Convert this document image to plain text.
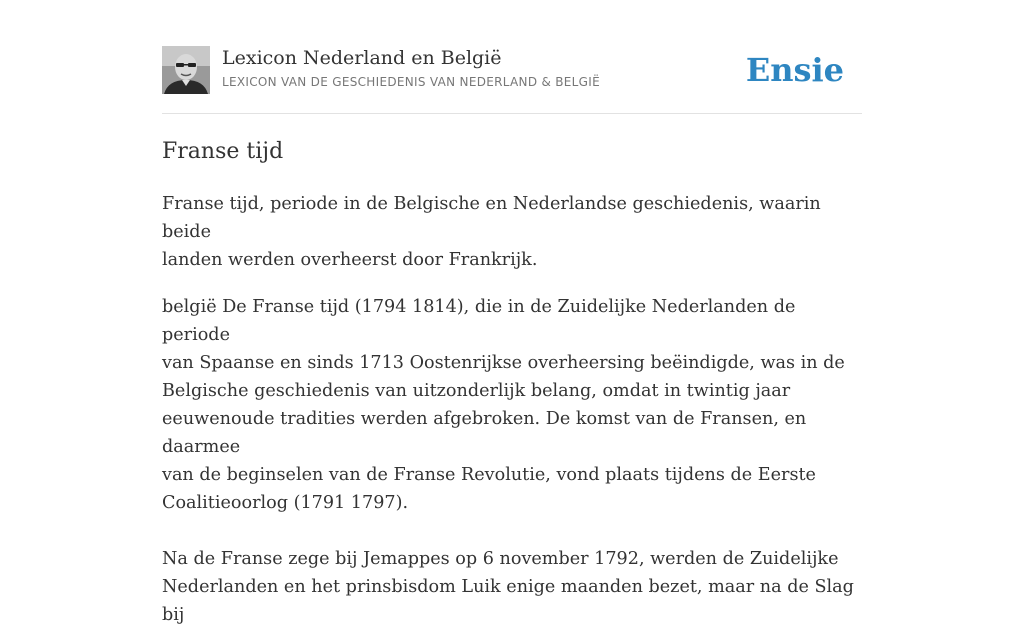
Lexicon Nederland en België
LEXICON VAN DE GESCHIEDENIS VAN NEDERLAND & BELGIË	Ensie
Franse tijd

Franse tijd, periode in de Belgische en Nederlandse geschiedenis, waarin beide
landen werden overheerst door Frankrijk.

belgië De Franse tijd (1794 1814), die in de Zuidelijke Nederlanden de periode
van Spaanse en sinds 1713 Oostenrijkse overheersing beëindigde, was in de
Belgische geschiedenis van uitzonderlijk belang, omdat in twintig jaar
eeuwenoude tradities werden afgebroken. De komst van de Fransen, en daarmee
van de beginselen van de Franse Revolutie, vond plaats tijdens de Eerste
Coalitieoorlog (1791 1797).

Na de Franse zege bij Jemappes op 6 november 1792, werden de Zuidelijke
Nederlanden en het prinsbisdom Luik enige maanden bezet, maar na de Slag bij
